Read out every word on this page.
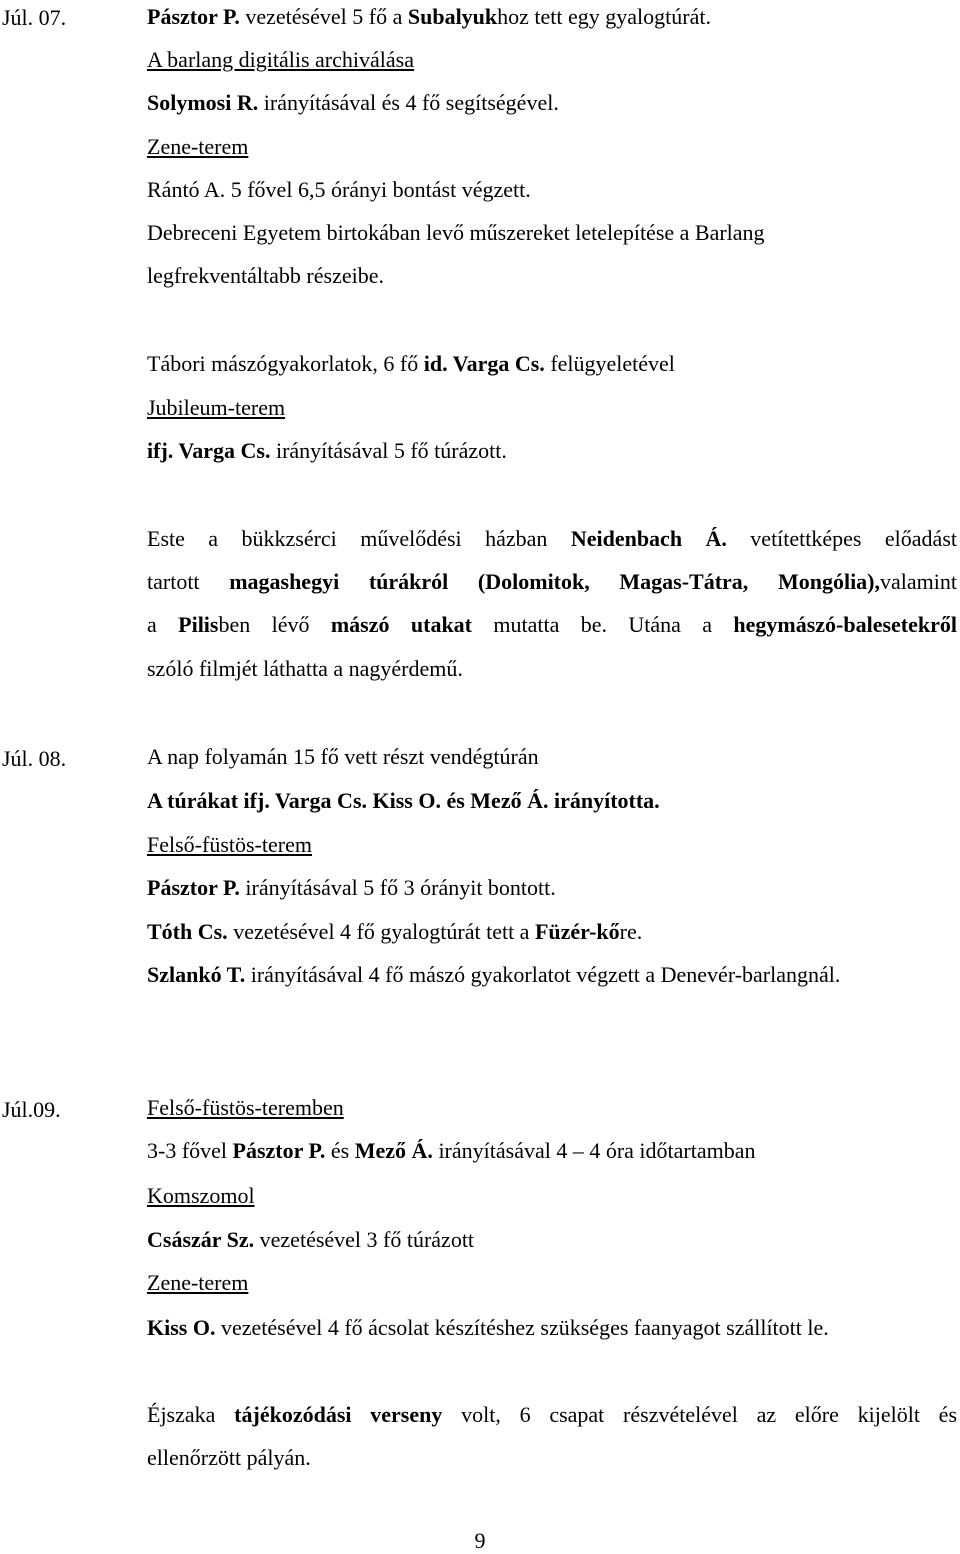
Júl. 07.	Pásztor P. vezetésével 5 fő a Subalyukhoz tett egy gyalogtúrát.
A barlang digitális archiválása
Solymosi R. irányításával és 4 fő segítségével.
Zene-terem
Rántó A. 5 fővel 6,5 órányi bontást végzett.
Debreceni Egyetem birtokában levő műszereket letelepítése a Barlang
legfrekventáltabb részeibe.
Tábori mászógyakorlatok, 6 fő id. Varga Cs. felügyeletével
Jubileum-terem
ifj. Varga Cs. irányításával 5 fő túrázott.
Este a bükkzsérci művelődési házban Neidenbach Á. vetítettképes előadást
tartott magashegyi túrákról (Dolomitok, Magas-Tátra, Mongólia),valamint
a Pilisben lévő mászó utakat mutatta be. Utána a hegymászó-balesetekről
szóló filmjét láthatta a nagyérdemű.
Júl. 08.	A nap folyamán 15 fő vett részt vendégtúrán
A túrákat ifj. Varga Cs. Kiss O. és Mező Á. irányította.
Felső-füstös-terem
Pásztor P. irányításával 5 fő 3 órányit bontott.
Tóth Cs. vezetésével 4 fő gyalogtúrát tett a Füzér-kőre.
Szlankó T. irányításával 4 fő mászó gyakorlatot végzett a Denevér-barlangnál.
Júl.09.	Felső-füstös-teremben
3-3 fővel Pásztor P. és Mező Á. irányításával 4 – 4 óra időtartamban
Komszomol
Császár Sz. vezetésével 3 fő túrázott
Zene-terem
Kiss O. vezetésével 4 fő ácsolat készítéshez szükséges faanyagot szállított le.
Éjszaka tájékozódási verseny volt, 6 csapat részvételével az előre kijelölt és
ellenőrzött pályán.
9
